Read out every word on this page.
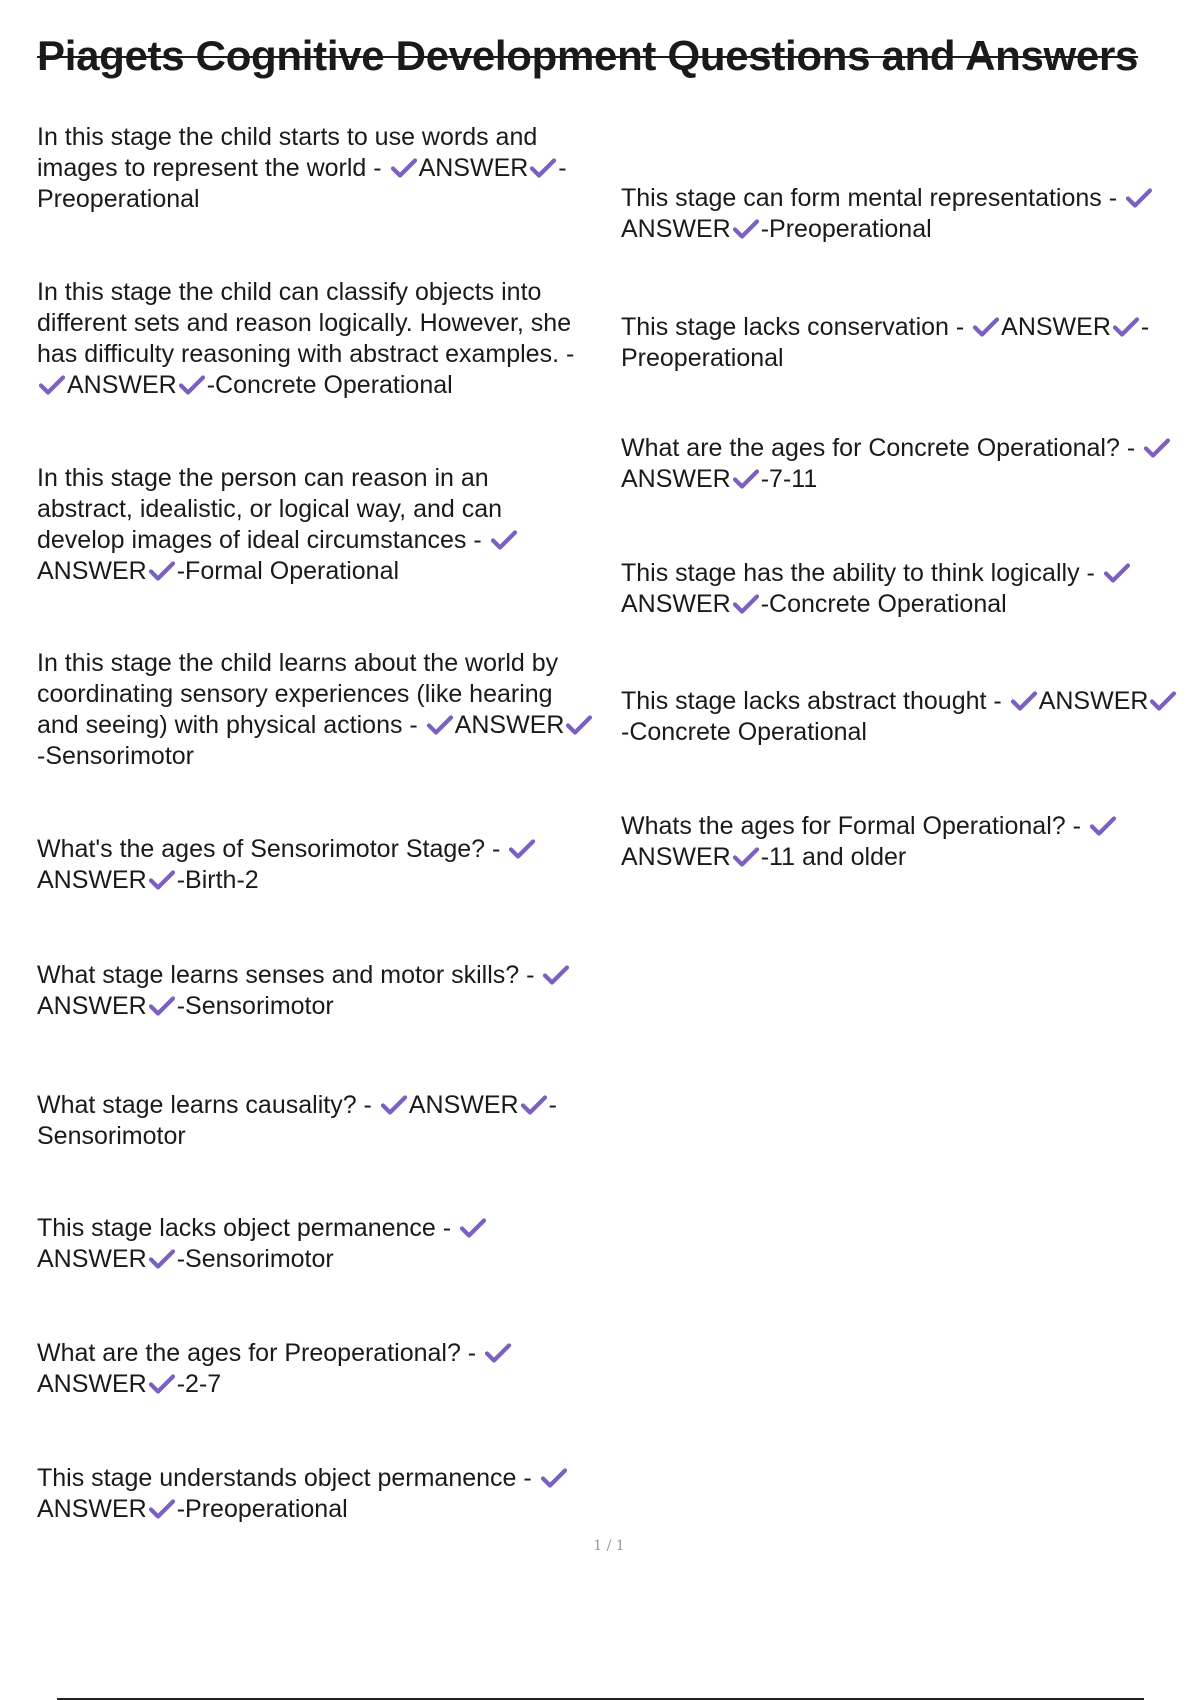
Piagets Cognitive Development Questions and Answers

In this stage the child starts to use words and images to represent the world - ANSWER -Preoperational

In this stage the child can classify objects into different sets and reason logically. However, she has difficulty reasoning with abstract examples. -
ANSWER -Concrete Operational

In this stage the person can reason in an abstract, idealistic, or logical way, and can develop images of ideal circumstances -
ANSWER -Formal Operational

In this stage the child learns about the world by coordinating sensory experiences (like hearing and seeing) with physical actions - ANSWER
-Sensorimotor

What's the ages of Sensorimotor Stage? -
ANSWER -Birth-2

What stage learns senses and motor skills? -
ANSWER -Sensorimotor

What stage learns causality? - ANSWER -Sensorimotor

This stage lacks object permanence -
ANSWER -Sensorimotor

What are the ages for Preoperational? -
ANSWER -2-7

This stage understands object permanence -
ANSWER -Preoperational

This stage can form mental representations -
ANSWER -Preoperational

This stage lacks conservation - ANSWER -Preoperational

What are the ages for Concrete Operational? -
ANSWER -7-11

This stage has the ability to think logically -
ANSWER -Concrete Operational

This stage lacks abstract thought - ANSWER
-Concrete Operational

Whats the ages for Formal Operational? -
ANSWER -11 and older

1 / 1
